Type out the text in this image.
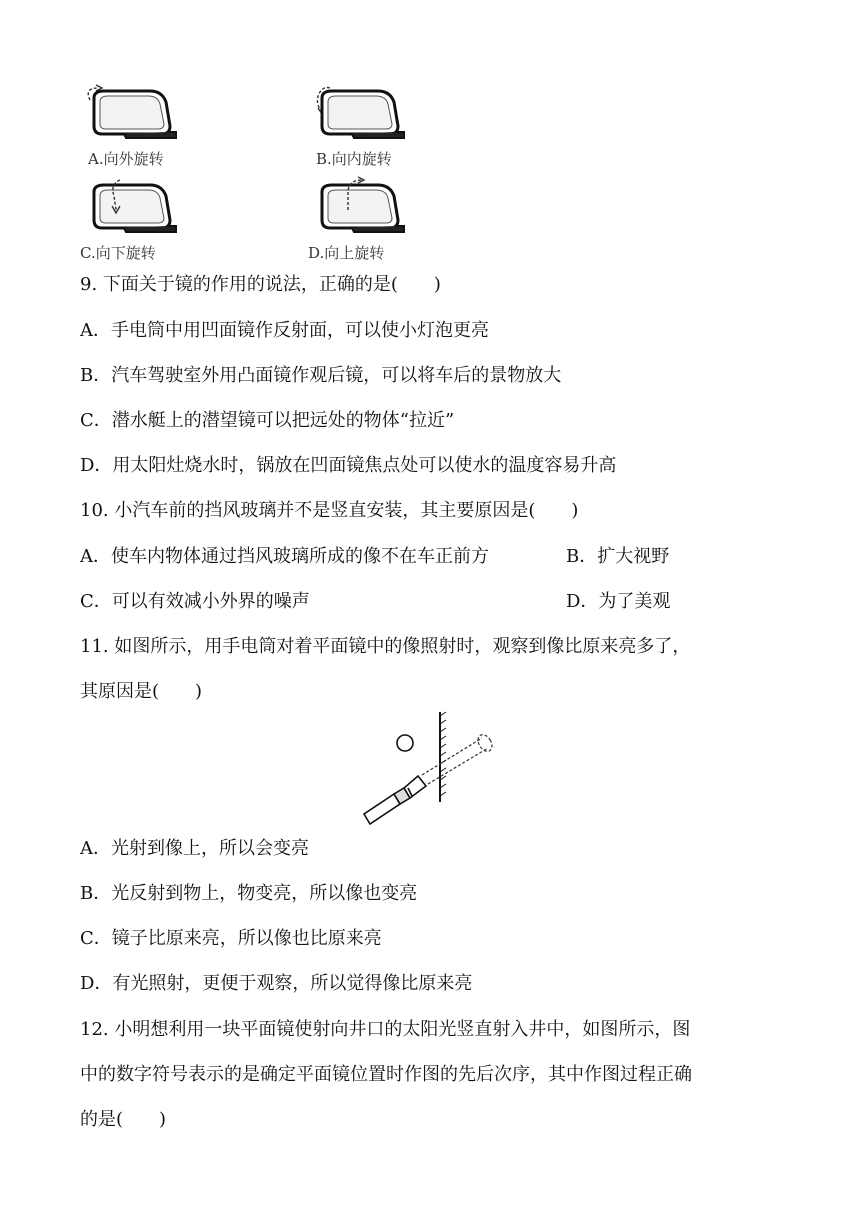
A.向外旋转	B.向内旋转
C.向下旋转	D.向上旋转
9. 下面关于镜的作用的说法，正确的是(　　)
A．手电筒中用凹面镜作反射面，可以使小灯泡更亮
B．汽车驾驶室外用凸面镜作观后镜，可以将车后的景物放大
C．潜水艇上的潜望镜可以把远处的物体“拉近”
D．用太阳灶烧水时，锅放在凹面镜焦点处可以使水的温度容易升高
10. 小汽车前的挡风玻璃并不是竖直安装，其主要原因是(　　)
A．使车内物体通过挡风玻璃所成的像不在车正前方	B．扩大视野
C．可以有效减小外界的噪声	D．为了美观
11. 如图所示，用手电筒对着平面镜中的像照射时，观察到像比原来亮多了，
其原因是(　　)
A．光射到像上，所以会变亮
B．光反射到物上，物变亮，所以像也变亮
C．镜子比原来亮，所以像也比原来亮
D．有光照射，更便于观察，所以觉得像比原来亮
12. 小明想利用一块平面镜使射向井口的太阳光竖直射入井中，如图所示，图
中的数字符号表示的是确定平面镜位置时作图的先后次序，其中作图过程正确
的是(　　)
